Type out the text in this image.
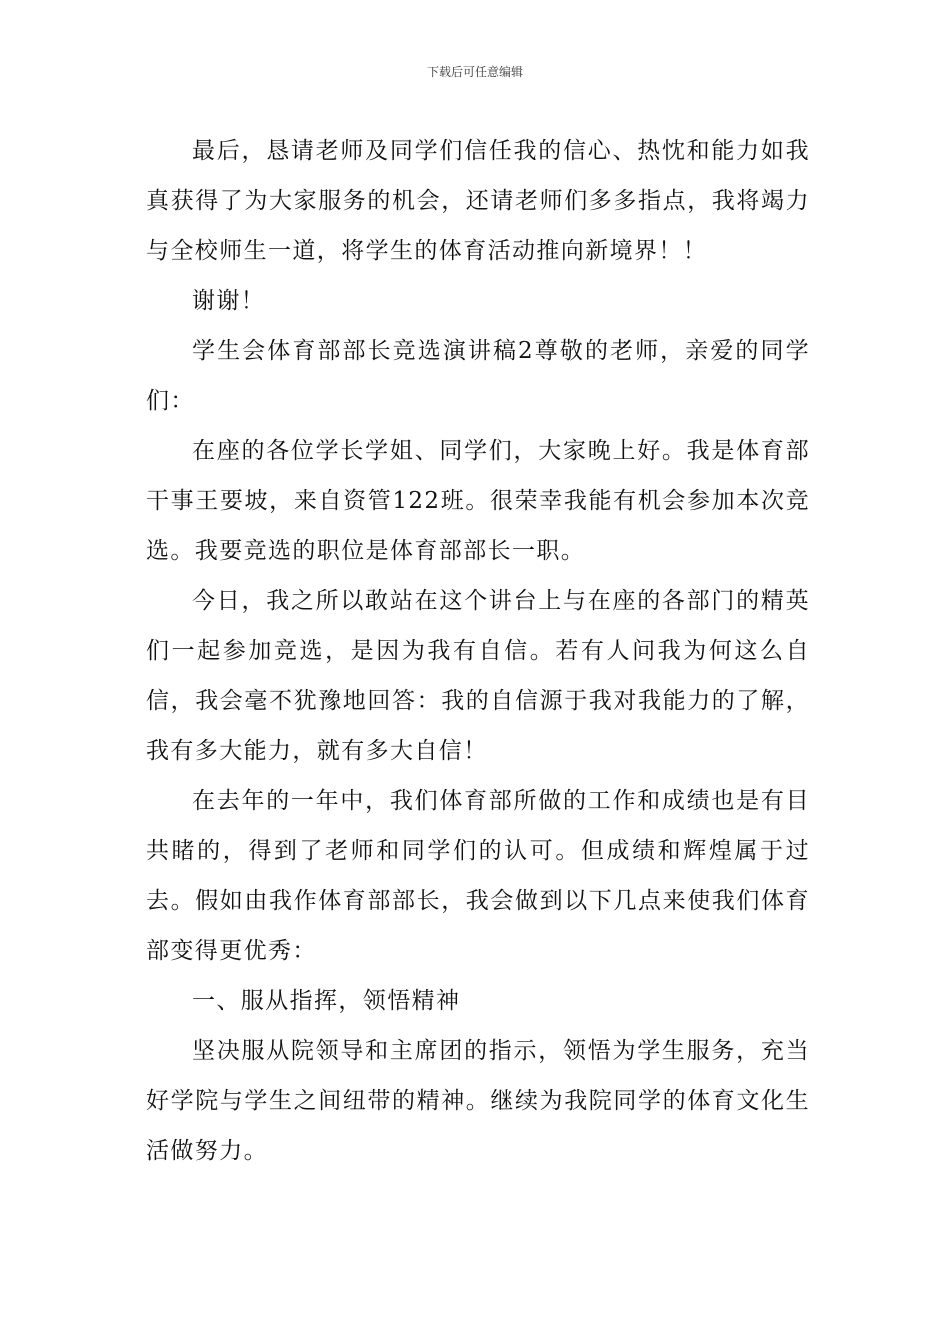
下载后可任意编辑

最后，恳请老师及同学们信任我的信心、热忱和能力如我真获得了为大家服务的机会，还请老师们多多指点，我将竭力与全校师生一道，将学生的体育活动推向新境界！！

谢谢！

学生会体育部部长竞选演讲稿2尊敬的老师，亲爱的同学们：

在座的各位学长学姐、同学们，大家晚上好。我是体育部干事王要坡，来自资管122班。很荣幸我能有机会参加本次竞选。我要竞选的职位是体育部部长一职。

今日，我之所以敢站在这个讲台上与在座的各部门的精英们一起参加竞选，是因为我有自信。若有人问我为何这么自信，我会毫不犹豫地回答：我的自信源于我对我能力的了解，我有多大能力，就有多大自信！

在去年的一年中，我们体育部所做的工作和成绩也是有目共睹的，得到了老师和同学们的认可。但成绩和辉煌属于过去。假如由我作体育部部长，我会做到以下几点来使我们体育部变得更优秀：

一、服从指挥，领悟精神

坚决服从院领导和主席团的指示，领悟为学生服务，充当好学院与学生之间纽带的精神。继续为我院同学的体育文化生活做努力。
